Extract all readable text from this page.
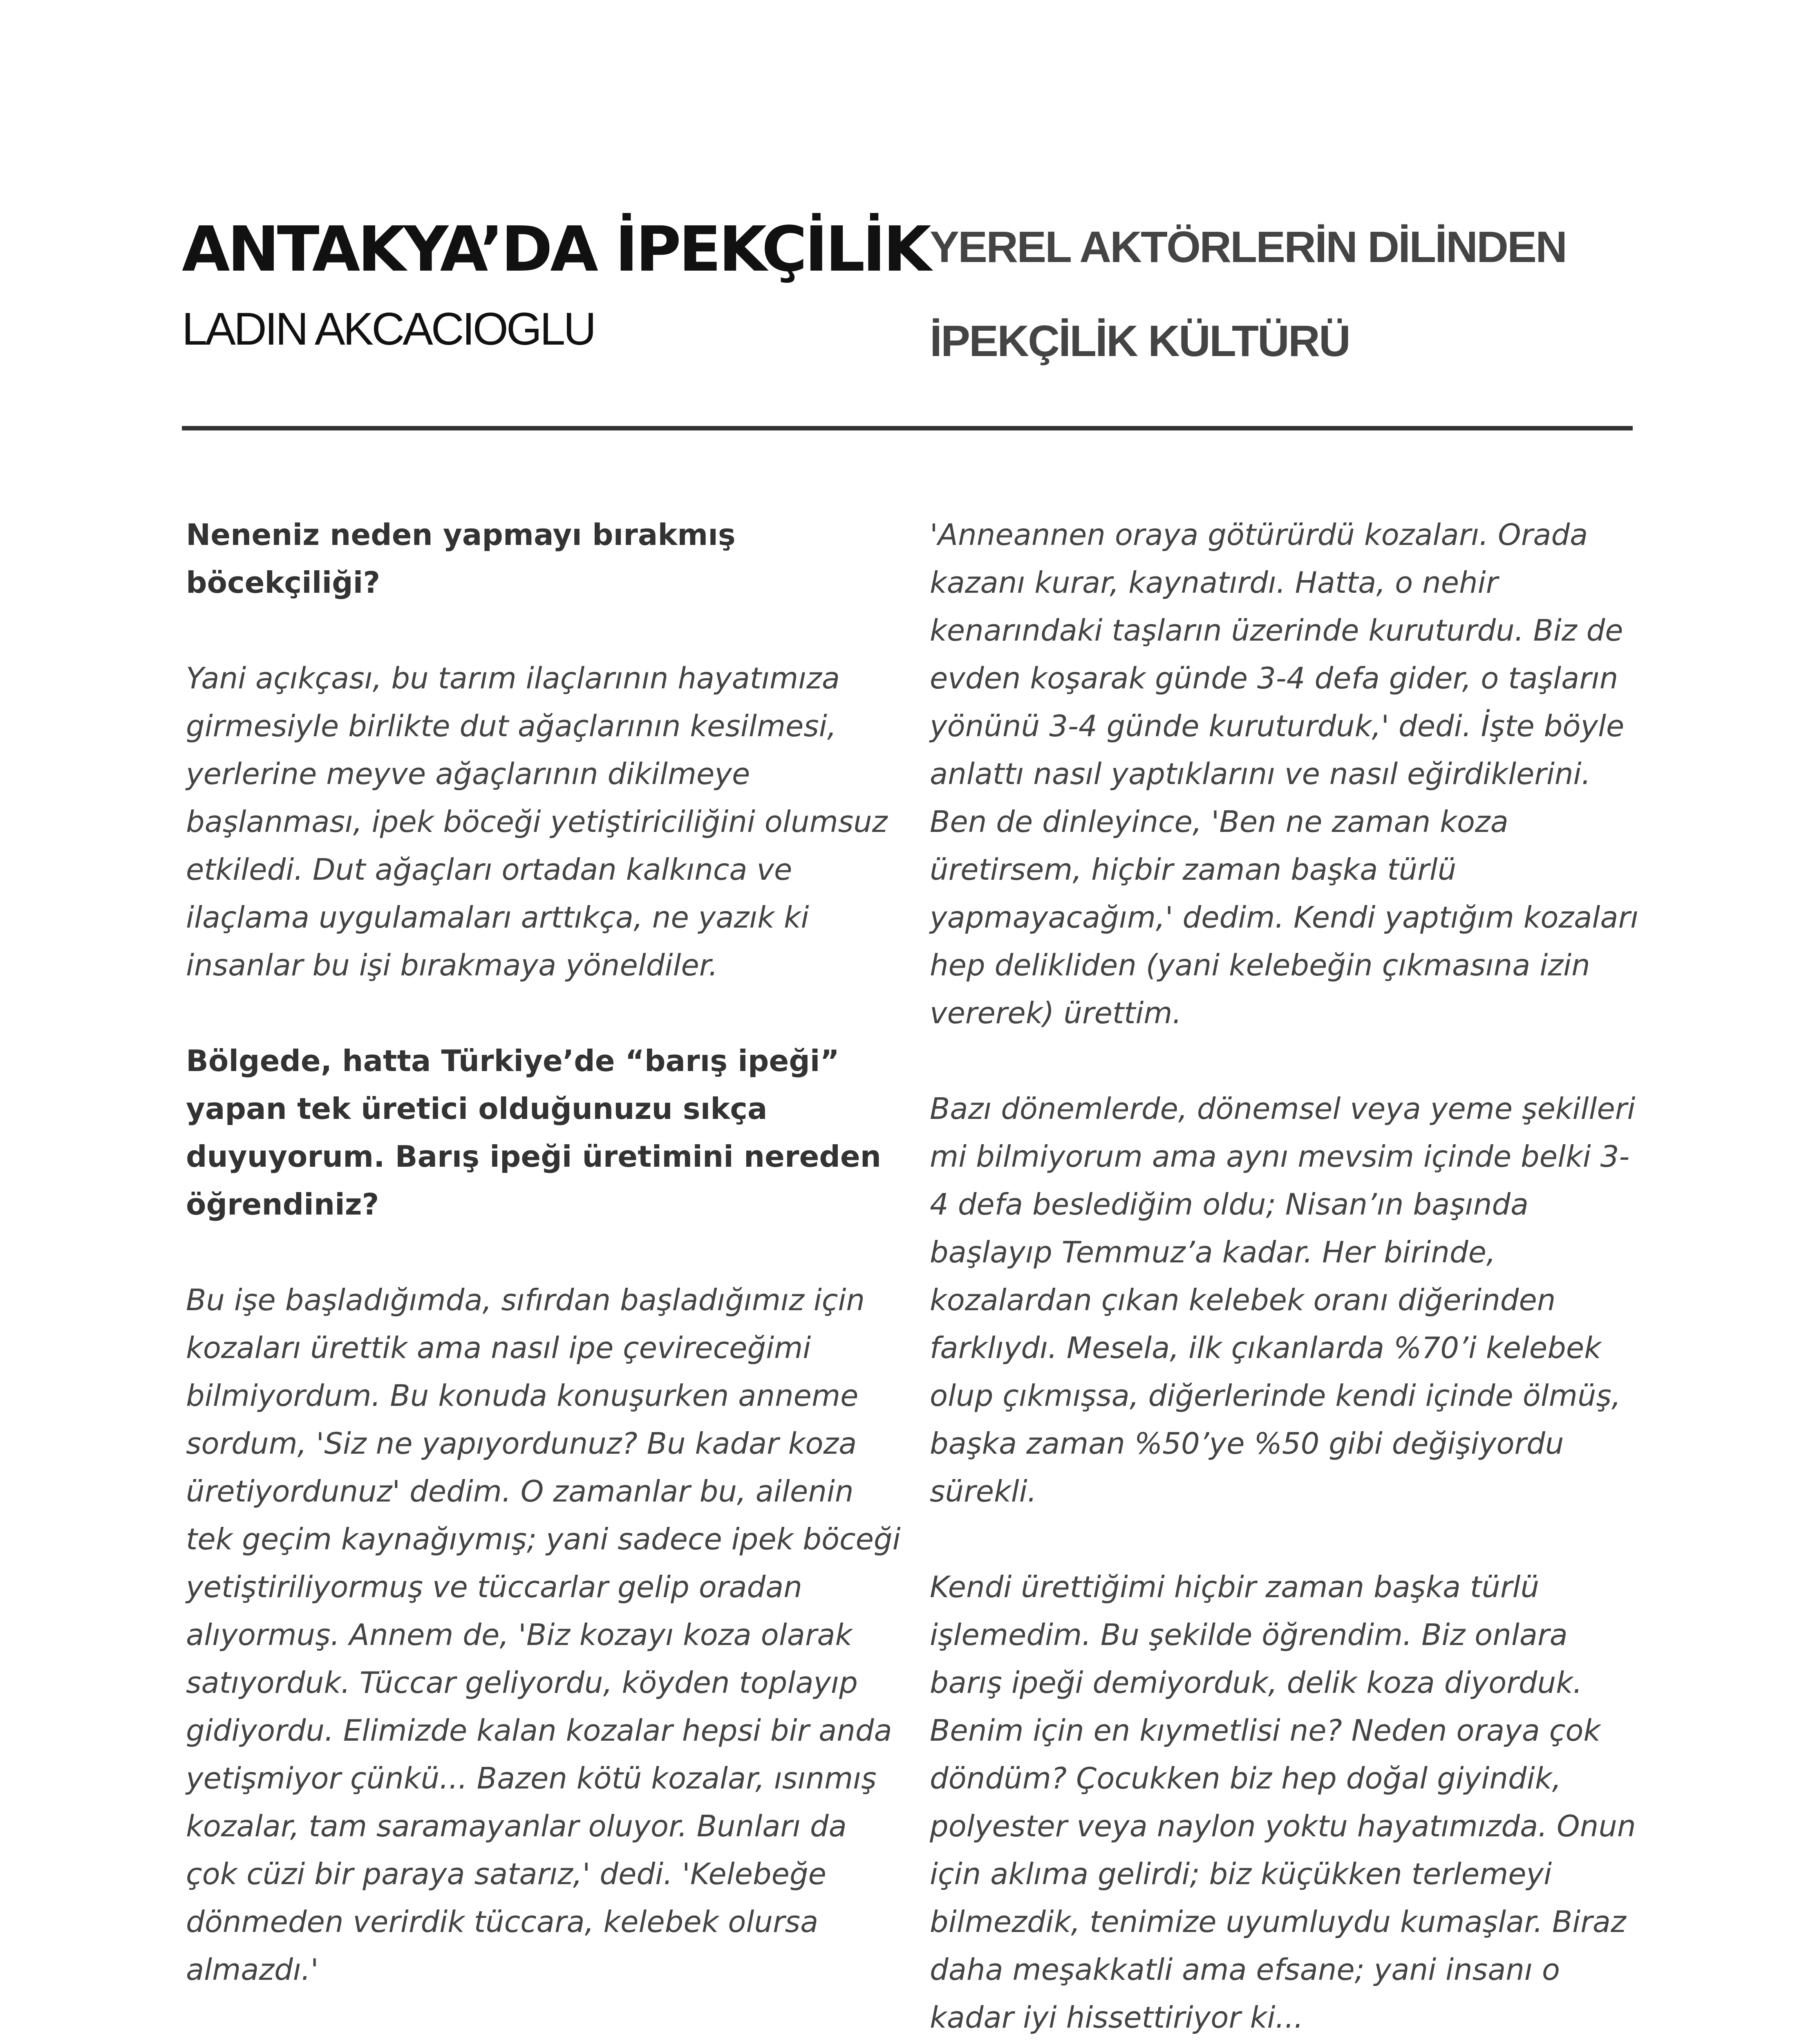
ANTAKYA’DA İPEKÇİLİK
LADIN AKCACIOGLU
YEREL AKTÖRLERİN DİLİNDEN
İPEKÇİLİK KÜLTÜRÜ

Neneniz neden yapmayı bırakmış böcekçiliği?

Yani açıkçası, bu tarım ilaçlarının hayatımıza girmesiyle birlikte dut ağaçlarının kesilmesi, yerlerine meyve ağaçlarının dikilmeye başlanması, ipek böceği yetiştiriciliğini olumsuz etkiledi. Dut ağaçları ortadan kalkınca ve ilaçlama uygulamaları arttıkça, ne yazık ki insanlar bu işi bırakmaya yöneldiler.

Bölgede, hatta Türkiye’de “barış ipeği” yapan tek üretici olduğunuzu sıkça duyuyorum. Barış ipeği üretimini nereden öğrendiniz?

Bu işe başladığımda, sıfırdan başladığımız için kozaları ürettik ama nasıl ipe çevireceğimi bilmiyordum. Bu konuda konuşurken anneme sordum, 'Siz ne yapıyordunuz? Bu kadar koza üretiyordunuz' dedim. O zamanlar bu, ailenin tek geçim kaynağıymış; yani sadece ipek böceği yetiştiriliyormuş ve tüccarlar gelip oradan alıyormuş. Annem de, 'Biz kozayı koza olarak satıyorduk. Tüccar geliyordu, köyden toplayıp gidiyordu. Elimizde kalan kozalar hepsi bir anda yetişmiyor çünkü... Bazen kötü kozalar, ısınmış kozalar, tam saramayanlar oluyor. Bunları da çok cüzi bir paraya satarız,' dedi. 'Kelebeğe dönmeden verirdik tüccara, kelebek olursa almazdı.'

'Anneannen oraya götürürdü kozaları. Orada kazanı kurar, kaynatırdı. Hatta, o nehir kenarındaki taşların üzerinde kuruturdu. Biz de evden koşarak günde 3-4 defa gider, o taşların yönünü 3-4 günde kuruturduk,' dedi. İşte böyle anlattı nasıl yaptıklarını ve nasıl eğirdiklerini. Ben de dinleyince, 'Ben ne zaman koza üretirsem, hiçbir zaman başka türlü yapmayacağım,' dedim. Kendi yaptığım kozaları hep delikliden (yani kelebeğin çıkmasına izin vererek) ürettim.

Bazı dönemlerde, dönemsel veya yeme şekilleri mi bilmiyorum ama aynı mevsim içinde belki 3-4 defa beslediğim oldu; Nisan’ın başında başlayıp Temmuz’a kadar. Her birinde, kozalardan çıkan kelebek oranı diğerinden farklıydı. Mesela, ilk çıkanlarda %70’i kelebek olup çıkmışsa, diğerlerinde kendi içinde ölmüş, başka zaman %50’ye %50 gibi değişiyordu sürekli.

Kendi ürettiğimi hiçbir zaman başka türlü işlemedim. Bu şekilde öğrendim. Biz onlara barış ipeği demiyorduk, delik koza diyorduk. Benim için en kıymetlisi ne? Neden oraya çok döndüm? Çocukken biz hep doğal giyindik, polyester veya naylon yoktu hayatımızda. Onun için aklıma gelirdi; biz küçükken terlemeyi bilmezdik, tenimize uyumluydu kumaşlar. Biraz daha meşakkatli ama efsane; yani insanı o kadar iyi hissettiriyor ki...
